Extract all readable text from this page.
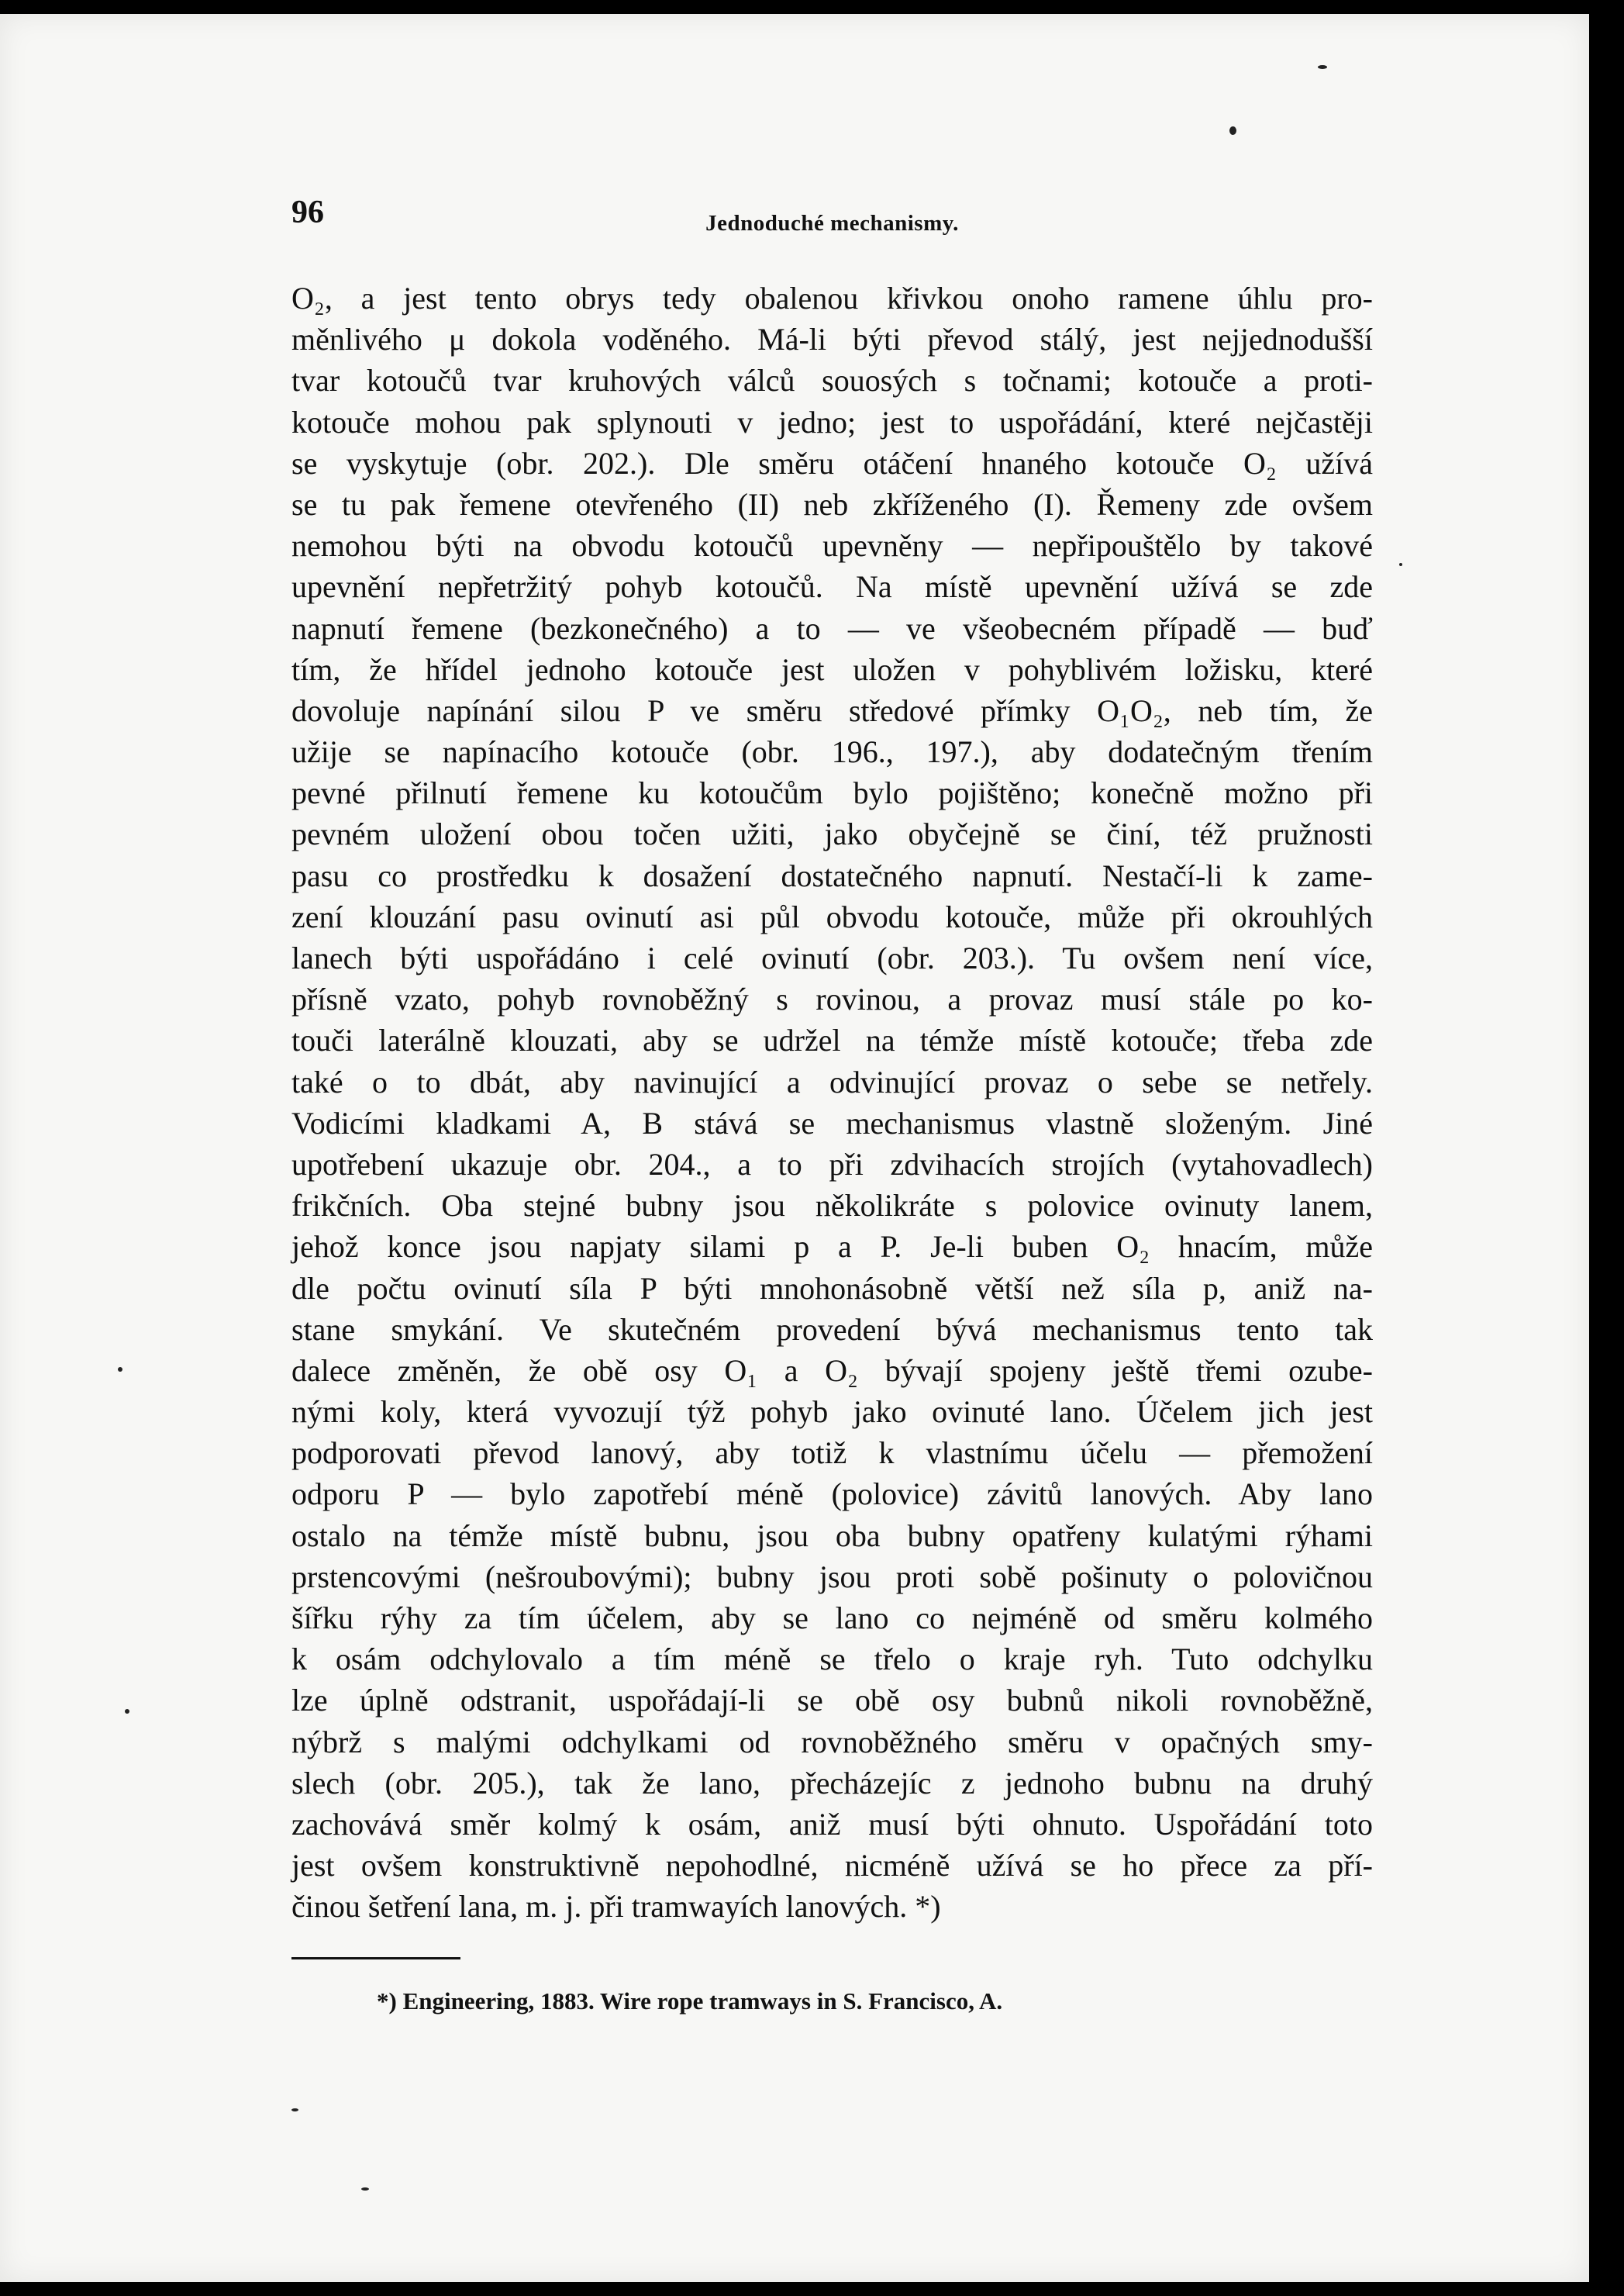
96	Jednoduché mechanismy.
O₂, a jest tento obrys tedy obalenou křivkou onoho ramene úhlu pro-
měnlivého μ dokola voděného. Má-li býti převod stálý, jest nejjednodušší
tvar kotoučů tvar kruhových válců souosých s točnami; kotouče a proti-
kotouče mohou pak splynouti v jedno; jest to uspořádání, které nejčastěji
se vyskytuje (obr. 202.). Dle směru otáčení hnaného kotouče O₂ užívá
se tu pak řemene otevřeného (II) neb zkříženého (I). Řemeny zde ovšem
nemohou býti na obvodu kotoučů upevněny — nepřipouštělo by takové
upevnění nepřetržitý pohyb kotoučů. Na místě upevnění užívá se zde
napnutí řemene (bezkonečného) a to — ve všeobecném případě — buď
tím, že hřídel jednoho kotouče jest uložen v pohyblivém ložisku, které
dovoluje napínání silou P ve směru středové přímky O₁O₂, neb tím, že
užije se napínacího kotouče (obr. 196., 197.), aby dodatečným třením
pevné přilnutí řemene ku kotoučům bylo pojištěno; konečně možno při
pevném uložení obou točen užiti, jako obyčejně se činí, též pružnosti
pasu co prostředku k dosažení dostatečného napnutí. Nestačí-li k zame-
zení klouzání pasu ovinutí asi půl obvodu kotouče, může při okrouhlých
lanech býti uspořádáno i celé ovinutí (obr. 203.). Tu ovšem není více,
přísně vzato, pohyb rovnoběžný s rovinou, a provaz musí stále po ko-
touči laterálně klouzati, aby se udržel na témže místě kotouče; třeba zde
také o to dbát, aby navinující a odvinující provaz o sebe se netřely.
Vodicími kladkami A, B stává se mechanismus vlastně složeným. Jiné
upotřebení ukazuje obr. 204., a to při zdvihacích strojích (vytahovadlech)
frikčních. Oba stejné bubny jsou několikráte s polovice ovinuty lanem,
jehož konce jsou napjaty silami p a P. Je-li buben O₂ hnacím, může
dle počtu ovinutí síla P býti mnohonásobně větší než síla p, aniž na-
stane smykání. Ve skutečném provedení bývá mechanismus tento tak
dalece změněn, že obě osy O₁ a O₂ bývají spojeny ještě třemi ozube-
nými koly, která vyvozují týž pohyb jako ovinuté lano. Účelem jich jest
podporovati převod lanový, aby totiž k vlastnímu účelu — přemožení
odporu P — bylo zapotřebí méně (polovice) závitů lanových. Aby lano
ostalo na témže místě bubnu, jsou oba bubny opatřeny kulatými rýhami
prstencovými (nešroubovými); bubny jsou proti sobě pošinuty o polovičnou
šířku rýhy za tím účelem, aby se lano co nejméně od směru kolmého
k osám odchylovalo a tím méně se třelo o kraje ryh. Tuto odchylku
lze úplně odstranit, uspořádají-li se obě osy bubnů nikoli rovnoběžně,
nýbrž s malými odchylkami od rovnoběžného směru v opačných smy-
slech (obr. 205.), tak že lano, přecházejíc z jednoho bubnu na druhý
zachovává směr kolmý k osám, aniž musí býti ohnuto. Uspořádání toto
jest ovšem konstruktivně nepohodlné, nicméně užívá se ho přece za pří-
činou šetření lana, m. j. při tramwayích lanových. *)
*) Engineering, 1883. Wire rope tramways in S. Francisco, A.
